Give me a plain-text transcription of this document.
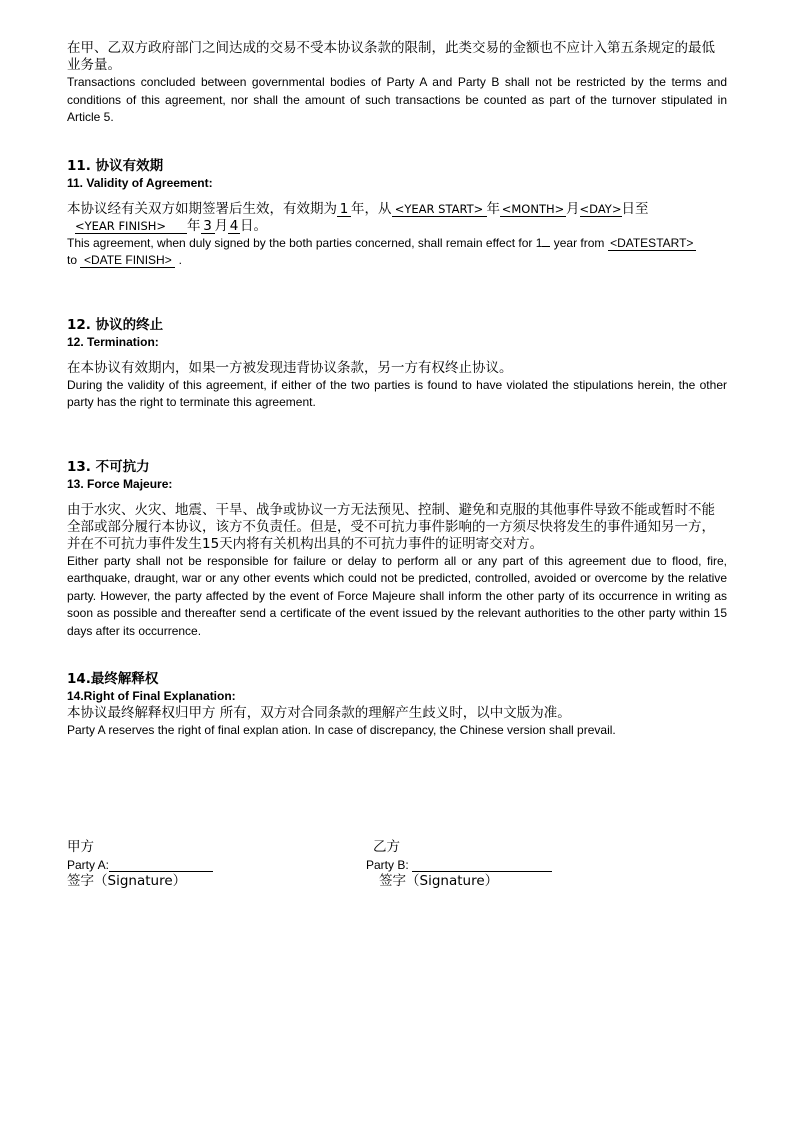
在甲、乙双方政府部门之间达成的交易不受本协议条款的限制，此类交易的金额也不应计入第五条规定的最低业务量。

Transactions concluded between governmental bodies of Party A and Party B shall not be restricted by the terms and conditions of this agreement, nor shall the amount of such transactions be counted as part of the turnover stipulated in Article 5.

11. 协议有效期

11. Validity of Agreement:

本协议经有关双方如期签署后生效，有效期为 1 年，从 <YEAR START> 年 <MONTH> 月<DAY>日至 <YEAR FINISH> 年 3 月 4 日。

This agreement, when duly signed by the both parties concerned, shall remain effect for 1 year from <DATESTART>
to <DATE FINISH> .

12. 协议的终止

12. Termination:

在本协议有效期内，如果一方被发现违背协议条款，另一方有权终止协议。

During the validity of this agreement, if either of the two parties is found to have violated the stipulations herein, the other party has the right to terminate this agreement.

13. 不可抗力

13. Force Majeure:

由于水灾、火灾、地震、干旱、战争或协议一方无法预见、控制、避免和克服的其他事件导致不能或暂时不能全部或部分履行本协议，该方不负责任。但是，受不可抗力事件影响的一方须尽快将发生的事件通知另一方，并在不可抗力事件发生15天内将有关机构出具的不可抗力事件的证明寄交对方。

Either party shall not be responsible for failure or delay to perform all or any part of this agreement due to flood, fire, earthquake, draught, war or any other events which could not be predicted, controlled, avoided or overcome by the relative party. However, the party affected by the event of Force Majeure shall inform the other party of its occurrence in writing as soon as possible and thereafter send a certificate of the event issued by the relevant authorities to the other party within 15 days after its occurrence.

14.最终解释权

14.Right of Final Explanation:

本协议最终解释权归甲方 所有，双方对合同条款的理解产生歧义时，以中文版为准。

Party A reserves the right of final explan ation. In case of discrepancy, the Chinese version shall prevail.

甲方
Party A:
签字（Signature）
乙方
Party B:
签字（Signature）
